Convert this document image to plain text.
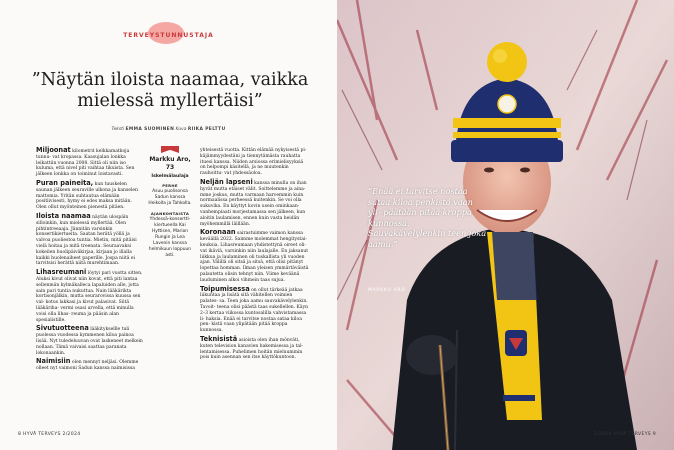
TERVEYSTUNNUSTAJA
”Näytän iloista naamaa, vaikka mielessä myllertäisi”
Teksti EMMA SUOMINEN Kuva RIIKA PELTTU

Miljoonat kilometrit kelkkamatkoja tunnu- vat kropassa. Kaasujalan lonkka leikattiin vuonna 2008. Sittä oli niin iso kuluma, että nivel piti vaihtaa tikuista. Sen jälkeen lonkka on toiminut loistavasti.

Puran paineita, kun tuuskelen saunan jälkeen seuraville ulkona ja kanselen mattomia. Yritän suhtautua elämään positiivisesti, hymy ei edes maksa mitään. Olen ollut myönteinen pienestä pitäen.

Iloista naamaa näytän ulospäin silloinkin, kun mielessä myllertää. Olen pihtintreeaaja. Jännitän varsinkin konsertikiertueita. Saatan herätä yöllä ja valvoa puoliestoa tuntia. Mietin, mitä pitäisi vielä hoitaa ja mitä treenata. Seuraavaksi kokeilen huolipäiväkirjaa, kirjaan jo illalla kaikki huolenaiheet paperille. Jospa niitä ei tarvitsisi herättä niitä murehtimaan.

Lihasreumani löytyi pari vuotta sitten. Aluksi kivut olivat niin kovat, että piti lantaa sellenmän kylmäkalleca lapaluiden alle, jotta sain pari tuntia nukuttua. Nain lääkärikta kortisonjälkin, mutta seurarovissa kuussa sen val- kotus lakkasi ja kivut palasivat. Siitä lääkäriha- vermi osasi arvella, että minulla voisi olla lihas- reuma ja pääsin alan spesialistille.

Sivutuotteena lääkityksellle tuli puolessa vuodessa kymmenen kiloa painoa lisää. Nyt tuledeluuvan ovat laskeneet melkein nollaan. Tämä vaivaisi saattaa paranata lokonaankin.

Naimisiin olen mennyt neljäsi. Olemme olleet nyt vaimoni Sadun kanssa naimisissa

Markku Aro,
73
Iskelmälaulaja
PERHE
Asuu puolisonsa Sadun kanssa Heikolla ja Tahkolla.
AJANKOHTAISTA
Yhdessä-konsertti-kiertueella Kai Hyttisen, Marion Rungin ja Lea Lavenin kanssa helmikuun loppuun asti.

yhteisestä vuotta. Kittän elämää nykyisestä pi- käjämmyydestäni ja tiennytämästa rauhatta ituesi kanssa. Niiden arsiossa erimielisyyksiä on helpompi käsitellä, ja ne muutenkin rauhoittu- vat yhdessäoloa.

Neljän lapseni kanssa minulla on ihan hyvät mutta etäiset välit. Soittelemme ja aina- mme joskus, mutta varmaan harvemmin kuin normaalissa perheessä kuitenkin. Se voi olla sukuvika. En käyttyt kovin usein ominkaan- vanhempiaati morjestamassa sen jälkeen, kun aloitin laulamisen, ennen kuin vasta heidän myöhemmillä läillään.

Koronaan sairastuimme vaimon kanssa keväällä 2022. Saimme molemmat hengitystai- keuksia. Lihasreumaan yhdistettynä oireet oli- vat ikäviä, varsinkin niin laulajalle. En jaksanut liikkua ja laulaminen oli tuskallista yli vuoden ajan. Välillä oli sitsä ja sitsä, että olisi pitänyt lopettaa homman. Ilman yleisen ymmärtäväistä palautetta olisin tehnyt niin. Viime keväänä lauduminen alkoi vihmein taas sujua.

Toipumisessa on ollut tärkeää jatkaa liikuntaa ja lisätä sitä vähitellen voimien palates- sa. Teen joka aamu sauvakävelylenkin. Tavoit- teena olisi päästä taas sukellellen. Käyn 2–3 kertaa viikossa kuntosalilla vahvistamassa li- haksia. Enää ei tarvitse nostaa sataa kiloa pen- kistä vaan ylipätään pitää kroppa kunnossa.

Teknisistä asioista olen ihan mönväti, kuten television kanavien hakemisessa ja tal- lentamisessa. Puhelimen hoitän mieluummin pois kuin asennan sen itse käyttökuntoon.

8 HYVÄ TERVEYS 2/2024	2/2024 HYVÄ TERVEYS 9
”Enää ei tarvitse nostaa sataa kiloa penkistä vaan yli- päätään pitää kroppa kunnossa. Sauvakävelylenkin teen joka aamu.”
MARKKU ARO
